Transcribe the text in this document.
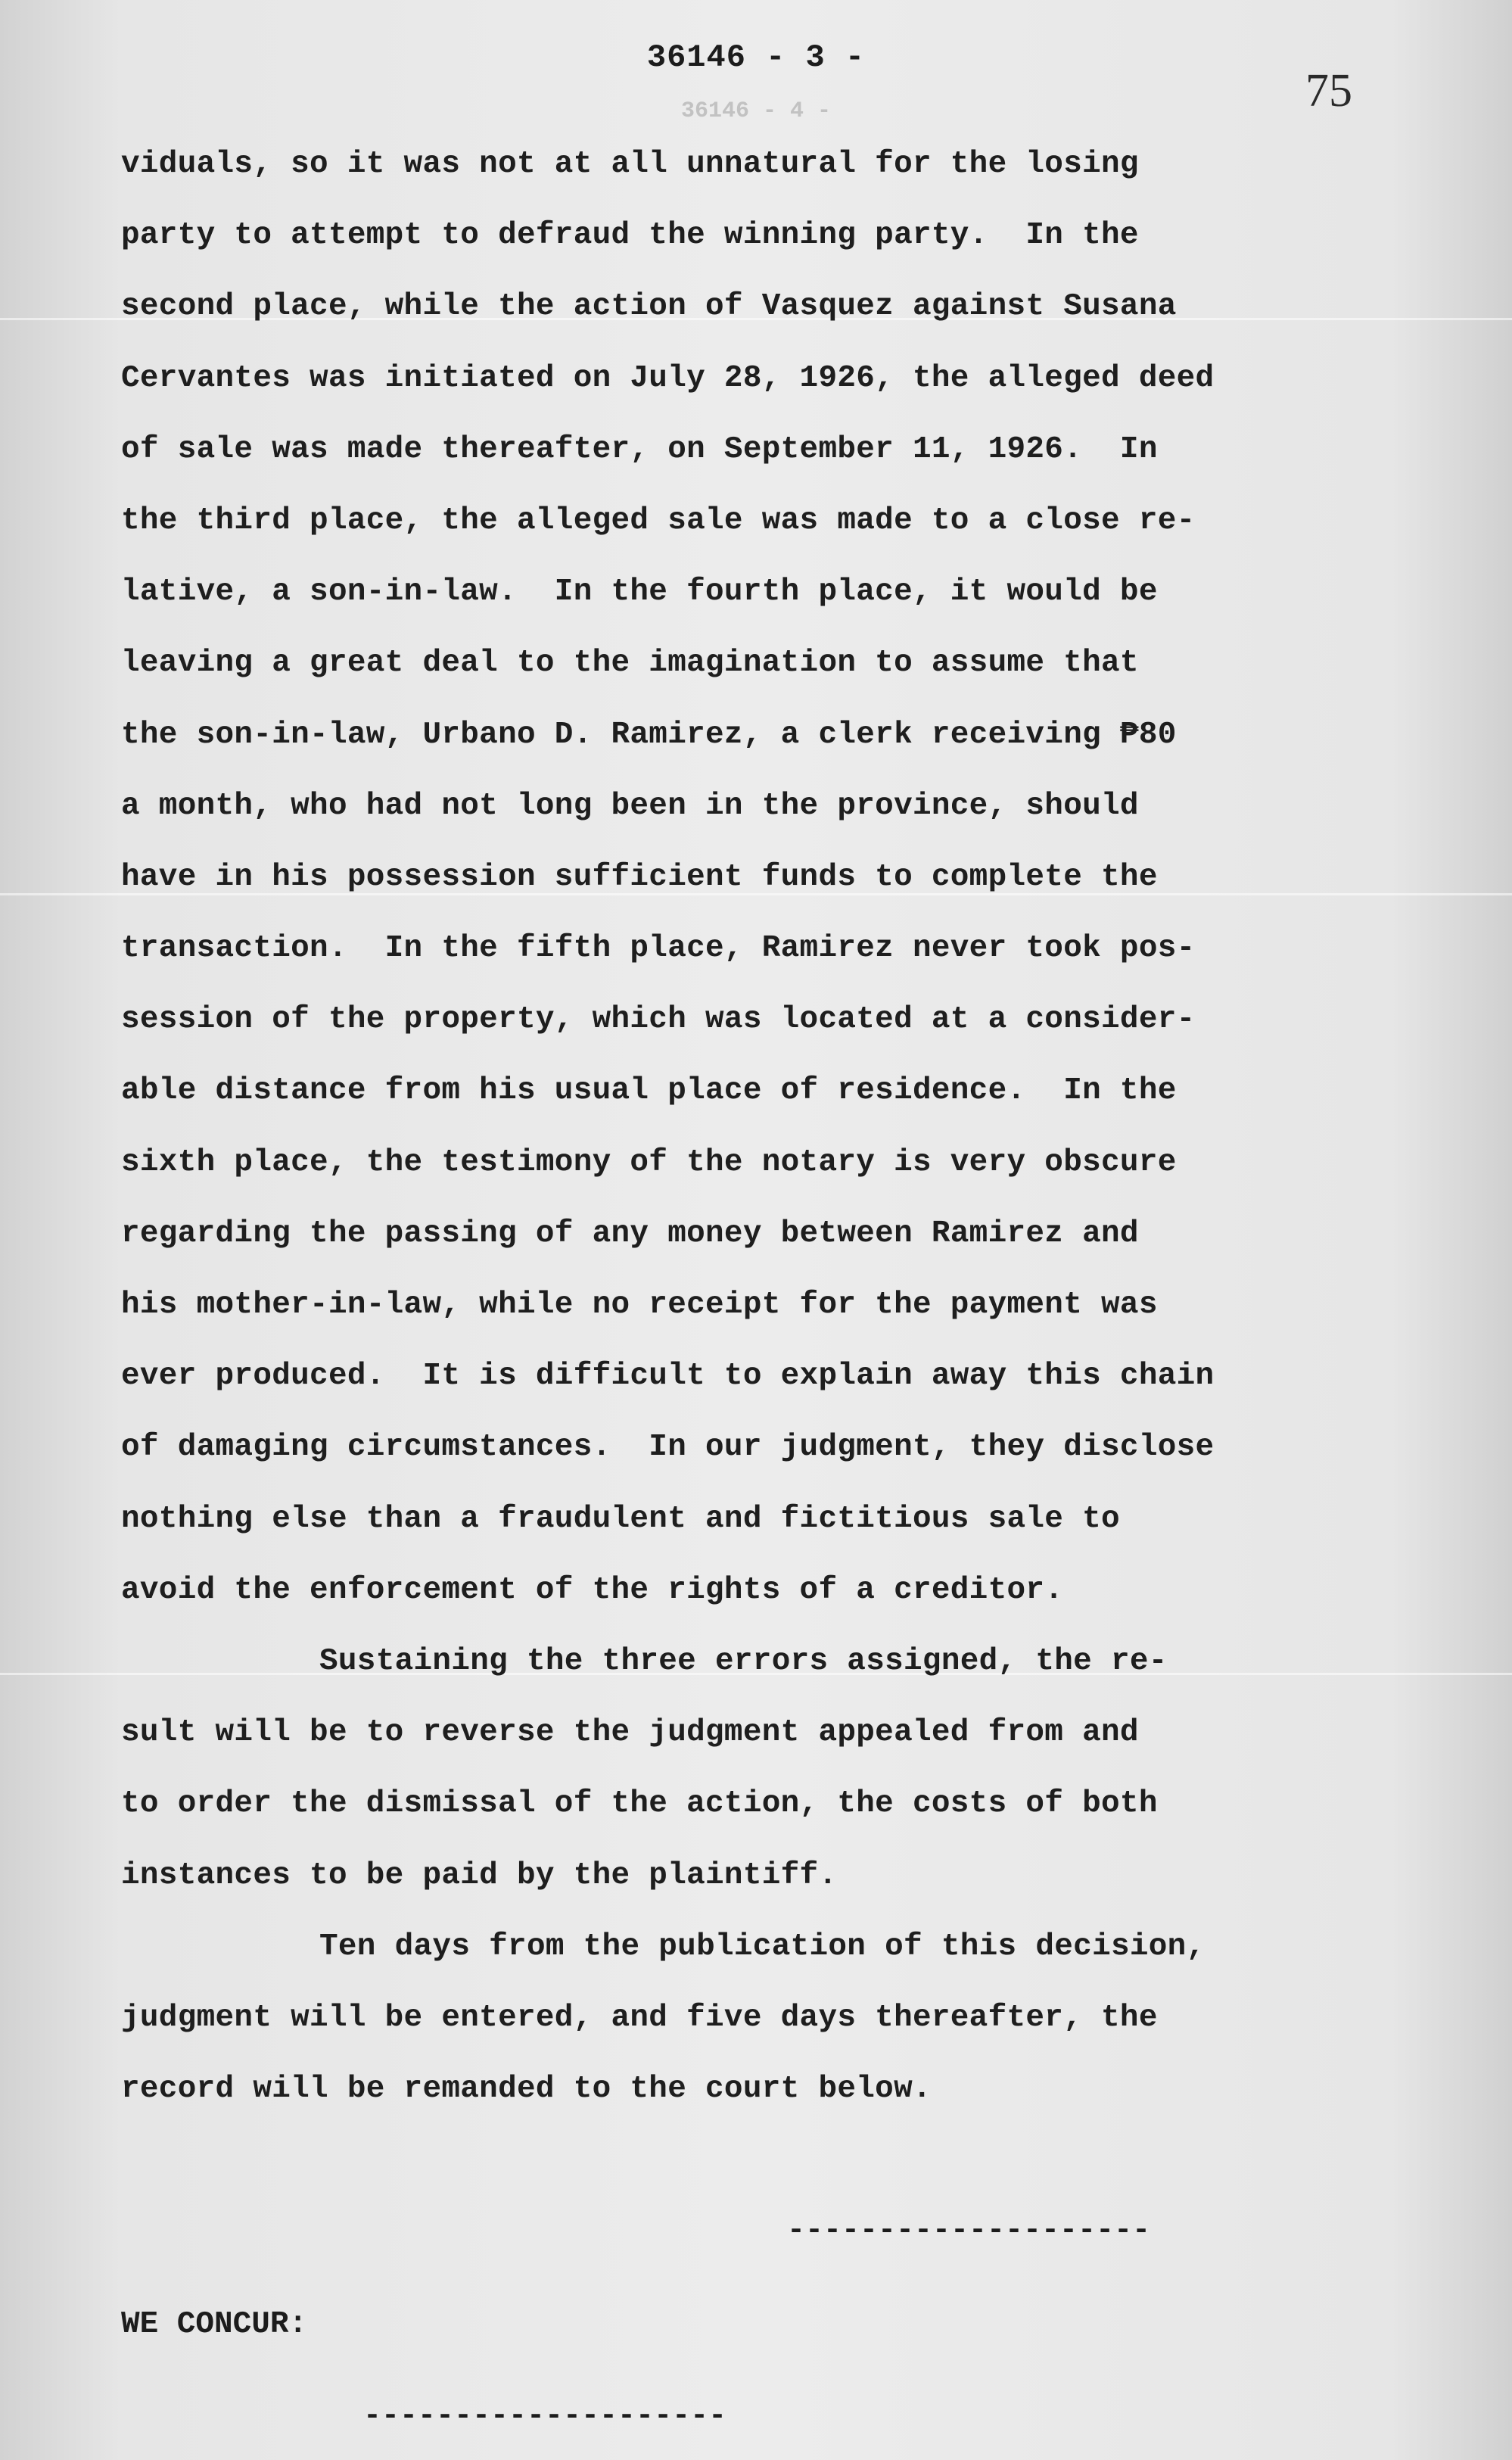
36146 - 3 -
36146 - 4 -	75
viduals, so it was not at all unnatural for the losing
party to attempt to defraud the winning party.  In the
second place, while the action of Vasquez against Susana
Cervantes was initiated on July 28, 1926, the alleged deed
of sale was made thereafter, on September 11, 1926.  In
the third place, the alleged sale was made to a close re-
lative, a son-in-law.  In the fourth place, it would be
leaving a great deal to the imagination to assume that
the son-in-law, Urbano D. Ramirez, a clerk receiving ₱80
a month, who had not long been in the province, should
have in his possession sufficient funds to complete the
transaction.  In the fifth place, Ramirez never took pos-
session of the property, which was located at a consider-
able distance from his usual place of residence.  In the
sixth place, the testimony of the notary is very obscure
regarding the passing of any money between Ramirez and
his mother-in-law, while no receipt for the payment was
ever produced.  It is difficult to explain away this chain
of damaging circumstances.  In our judgment, they disclose
nothing else than a fraudulent and fictitious sale to
avoid the enforcement of the rights of a creditor.
Sustaining the three errors assigned, the re-
sult will be to reverse the judgment appealed from and
to order the dismissal of the action, the costs of both
instances to be paid by the plaintiff.
Ten days from the publication of this decision,
judgment will be entered, and five days thereafter, the
record will be remanded to the court below.
--------------------
WE CONCUR:
--------------------
